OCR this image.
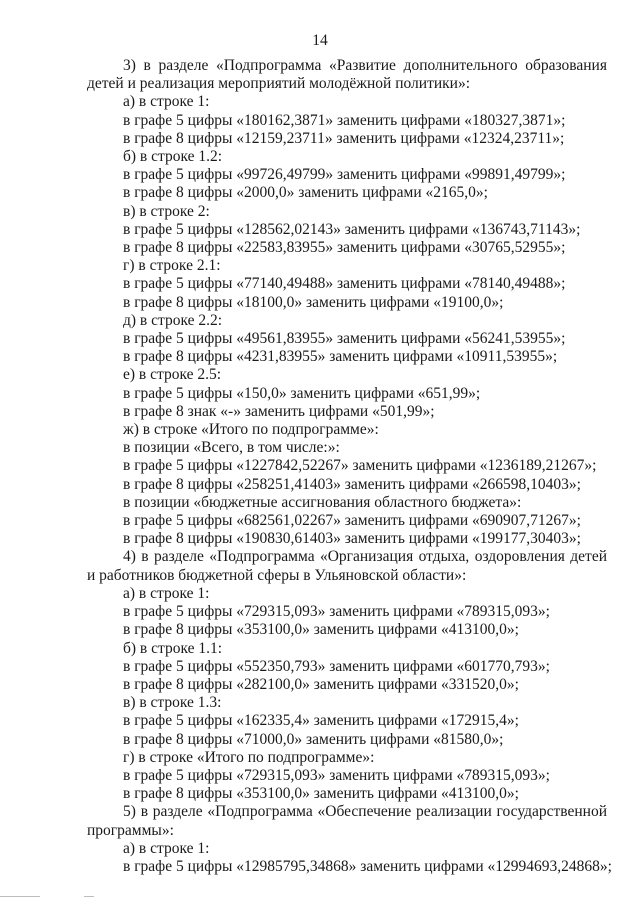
14
3) в разделе «Подпрограмма «Развитие дополнительного образования
детей и реализация мероприятий молодёжной политики»:
а) в строке 1:
в графе 5 цифры «180162,3871» заменить цифрами «180327,3871»;
в графе 8 цифры «12159,23711» заменить цифрами «12324,23711»;
б) в строке 1.2:
в графе 5 цифры «99726,49799» заменить цифрами «99891,49799»;
в графе 8 цифры «2000,0» заменить цифрами «2165,0»;
в) в строке 2:
в графе 5 цифры «128562,02143» заменить цифрами «136743,71143»;
в графе 8 цифры «22583,83955» заменить цифрами «30765,52955»;
г) в строке 2.1:
в графе 5 цифры «77140,49488» заменить цифрами «78140,49488»;
в графе 8 цифры «18100,0» заменить цифрами «19100,0»;
д) в строке 2.2:
в графе 5 цифры «49561,83955» заменить цифрами «56241,53955»;
в графе 8 цифры «4231,83955» заменить цифрами «10911,53955»;
е) в строке 2.5:
в графе 5 цифры «150,0» заменить цифрами «651,99»;
в графе 8 знак «-» заменить цифрами «501,99»;
ж) в строке «Итого по подпрограмме»:
в позиции «Всего, в том числе:»:
в графе 5 цифры «1227842,52267» заменить цифрами «1236189,21267»;
в графе 8 цифры «258251,41403» заменить цифрами «266598,10403»;
в позиции «бюджетные ассигнования областного бюджета»:
в графе 5 цифры «682561,02267» заменить цифрами «690907,71267»;
в графе 8 цифры «190830,61403» заменить цифрами «199177,30403»;
4) в разделе «Подпрограмма «Организация отдыха, оздоровления детей
и работников бюджетной сферы в Ульяновской области»:
а) в строке 1:
в графе 5 цифры «729315,093» заменить цифрами «789315,093»;
в графе 8 цифры «353100,0» заменить цифрами «413100,0»;
б) в строке 1.1:
в графе 5 цифры «552350,793» заменить цифрами «601770,793»;
в графе 8 цифры «282100,0» заменить цифрами «331520,0»;
в) в строке 1.3:
в графе 5 цифры «162335,4» заменить цифрами «172915,4»;
в графе 8 цифры «71000,0» заменить цифрами «81580,0»;
г) в строке «Итого по подпрограмме»:
в графе 5 цифры «729315,093» заменить цифрами «789315,093»;
в графе 8 цифры «353100,0» заменить цифрами «413100,0»;
5) в разделе «Подпрограмма «Обеспечение реализации государственной
программы»:
а) в строке 1:
в графе 5 цифры «12985795,34868» заменить цифрами «12994693,24868»;
